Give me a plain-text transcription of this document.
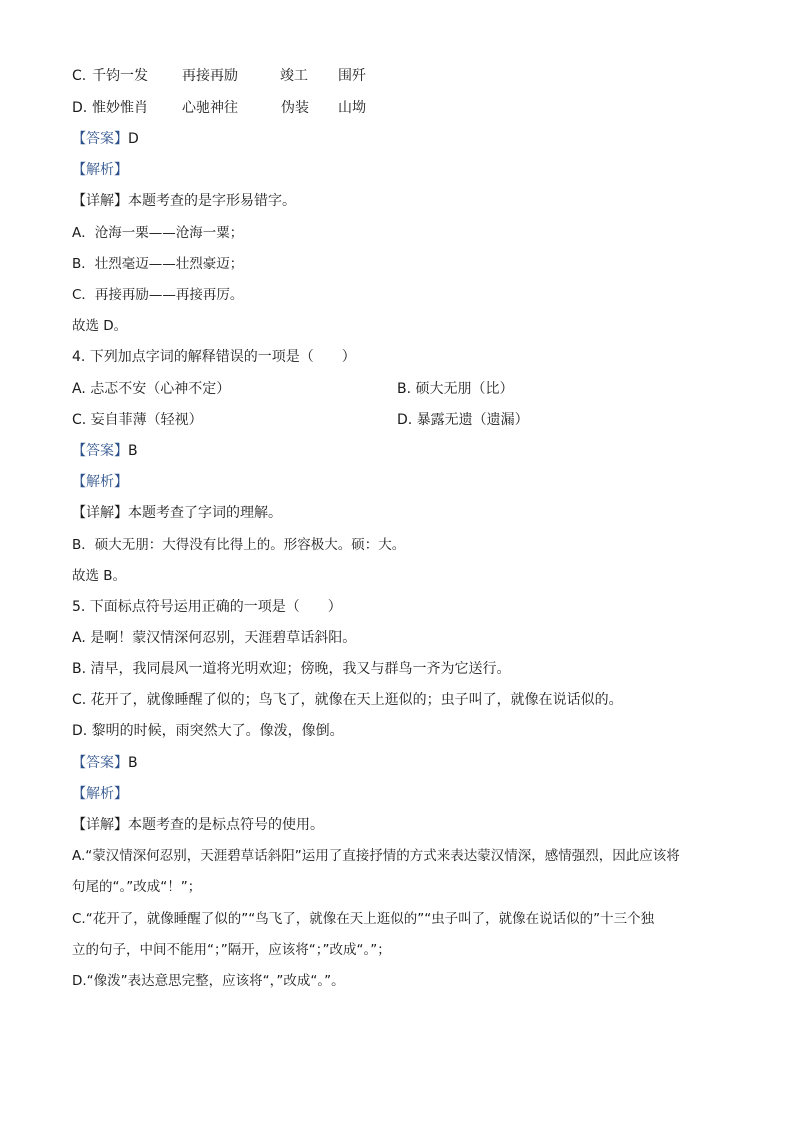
C. 千钧一发 再接再励	竣工 围歼
D. 惟妙惟肖 心驰神往	伪装 山坳
【答案】D
【解析】
【详解】本题考查的是字形易错字。
A．沧海一栗——沧海一粟；
B．壮烈毫迈——壮烈豪迈；
C．再接再励——再接再厉。
故选 D。
4. 下列加点字词的解释错误的一项是（　　）
A. 忐忑不安（心神不定）	B. 硕大无朋（比）
C. 妄自菲薄（轻视）	D. 暴露无遗（遗漏）
【答案】B
【解析】
【详解】本题考查了字词的理解。
B．硕大无朋：大得没有比得上的。形容极大。硕：大。
故选 B。
5. 下面标点符号运用正确的一项是（　　）
A. 是啊！蒙汉情深何忍别，天涯碧草话斜阳。
B. 清早，我同晨风一道将光明欢迎；傍晚，我又与群鸟一齐为它送行。
C. 花开了，就像睡醒了似的；鸟飞了，就像在天上逛似的；虫子叫了，就像在说话似的。
D. 黎明的时候，雨突然大了。像泼，像倒。
【答案】B
【解析】
【详解】本题考查的是标点符号的使用。
A.“蒙汉情深何忍别，天涯碧草话斜阳”运用了直接抒情的方式来表达蒙汉情深，感情强烈，因此应该将
句尾的“。”改成“！”；
C.“花开了，就像睡醒了似的”“鸟飞了，就像在天上逛似的”“虫子叫了，就像在说话似的”十三个独
立的句子，中间不能用“；”隔开，应该将“；”改成“。”；
D.“像泼”表达意思完整，应该将“，”改成“。”。
